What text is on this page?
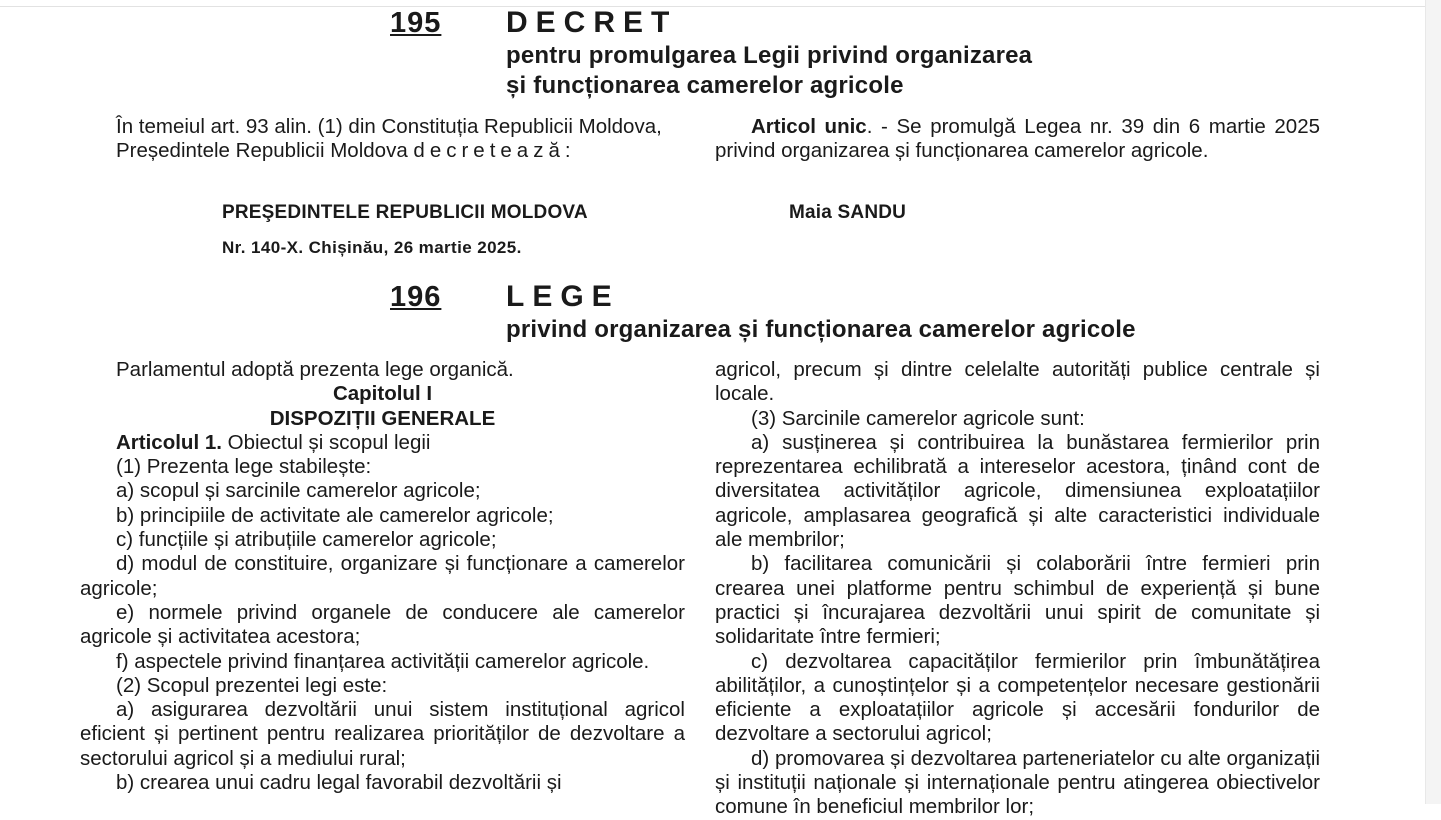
195 DECRET
pentru promulgarea Legii privind organizarea
și funcționarea camerelor agricole

În temeiul art. 93 alin. (1) din Constituția Republicii Moldova,

Președintele Republicii Moldova decretează:

Articol unic. - Se promulgă Legea nr. 39 din 6 martie 2025 privind organizarea și funcționarea camerelor agricole.

PREŞEDINTELE REPUBLICII MOLDOVA	Maia SANDU
Nr. 140-X. Chișinău, 26 martie 2025.
196 LEGE
privind organizarea și funcționarea camerelor agricole

Parlamentul adoptă prezenta lege organică.

Capitolul I

DISPOZIȚII GENERALE

Articolul 1. Obiectul și scopul legii

(1) Prezenta lege stabilește:

a) scopul și sarcinile camerelor agricole;

b) principiile de activitate ale camerelor agricole;

c) funcțiile și atribuțiile camerelor agricole;

d) modul de constituire, organizare și funcționare a camerelor agricole;

e) normele privind organele de conducere ale camerelor agricole și activitatea acestora;

f) aspectele privind finanțarea activității camerelor agricole.

(2) Scopul prezentei legi este:

a) asigurarea dezvoltării unui sistem instituțional agricol eficient și pertinent pentru realizarea priorităților de dezvoltare a sectorului agricol și a mediului rural;

b) crearea unui cadru legal favorabil dezvoltării și

agricol, precum și dintre celelalte autorități publice centrale și locale.

(3) Sarcinile camerelor agricole sunt:

a) susținerea și contribuirea la bunăstarea fermierilor prin reprezentarea echilibrată a intereselor acestora, ținând cont de diversitatea activităților agricole, dimensiunea exploatațiilor agricole, amplasarea geografică și alte caracteristici individuale ale membrilor;

b) facilitarea comunicării și colaborării între fermieri prin crearea unei platforme pentru schimbul de experiență și bune practici și încurajarea dezvoltării unui spirit de comunitate și solidaritate între fermieri;

c) dezvoltarea capacităților fermierilor prin îmbunătățirea abilităților, a cunoștințelor și a competențelor necesare gestionării eficiente a exploatațiilor agricole și accesării fondurilor de dezvoltare a sectorului agricol;

d) promovarea și dezvoltarea parteneriatelor cu alte organizații și instituții naționale și internaționale pentru atingerea obiectivelor comune în beneficiul membrilor lor;
